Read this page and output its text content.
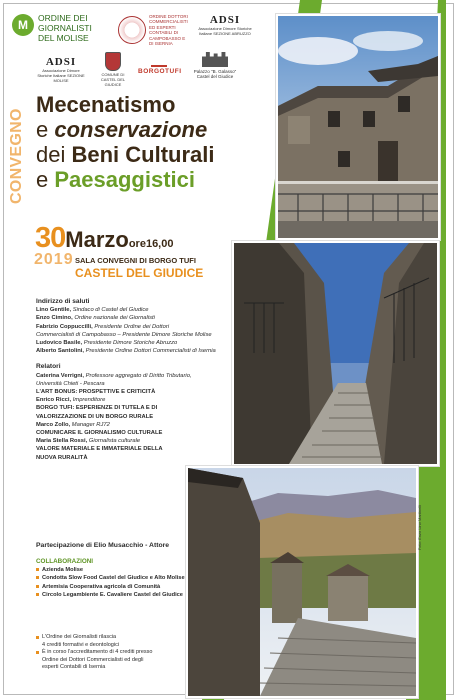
M	ORDINE DEI GIORNALISTI DEL MOLISE
ORDINE DOTTORI COMMERCIALISTI ED ESPERTI CONTABILI DI CAMPOBASSO E DI ISERNIA
ADSI
Associazione Dimore Storiche Italiane SEZIONE ABRUZZO
ADSI
Associazione Dimore Storiche Italiane SEZIONE MOLISE
COMUNE DI CASTEL DEL GIUDICE
BORGOTUFI	Palazzo "B. Galasso" Castel del Giudice
Foto: Enzo Lino Martinelli
CONVEGNO
Mecenatismo
e conservazione
dei Beni Culturali
e Paesaggistici
30Marzoore16,00
2019 SALA CONVEGNI DI BORGO TUFI
CASTEL DEL GIUDICE
Indirizzo di saluti
Lino Gentile, Sindaco di Castel del Giudice
Enzo Cimino, Ordine nazionale dei Giornalisti
Fabrizio Coppuccilli, Presidente Ordine dei Dottori
Commercialisti di Campobasso – Presidente Dimore Storiche Molise
Ludovico Basile, Presidente Dimore Storiche Abruzzo
Alberto Santolini, Presidente Ordine Dottori Commercialisti di Isernia
Relatori
Caterina Verrigni, Professore aggregato di Diritto Tributario,
Università Chieti - Pescara
L'ART BONUS: PROSPETTIVE E CRITICITÀ
Enrico Ricci, Imprenditore
BORGO TUFI: ESPERIENZE DI TUTELA E DI
VALORIZZAZIONE DI UN BORGO RURALE
Marco Zollo, Manager RJ72
COMUNICARE IL GIORNALISMO CULTURALE
Maria Stella Rossi, Giornalista culturale
VALORE MATERIALE E IMMATERIALE DELLA
NUOVA RURALITÀ
Partecipazione di Elio Musacchio - Attore
COLLABORAZIONI
Azienda Molise
Condotta Slow Food Castel del Giudice e Alto Molise
Artemisia Cooperativa agricola di Comunità
Circolo Legambiente E. Cavaliere Castel del Giudice
L'Ordine dei Giornalisti rilascia
4 crediti formativi e deontologici
È in corso l'accreditamento di 4 crediti presso
Ordine dei Dottori Commercialisti ed degli
esperti Contabili di Isernia
